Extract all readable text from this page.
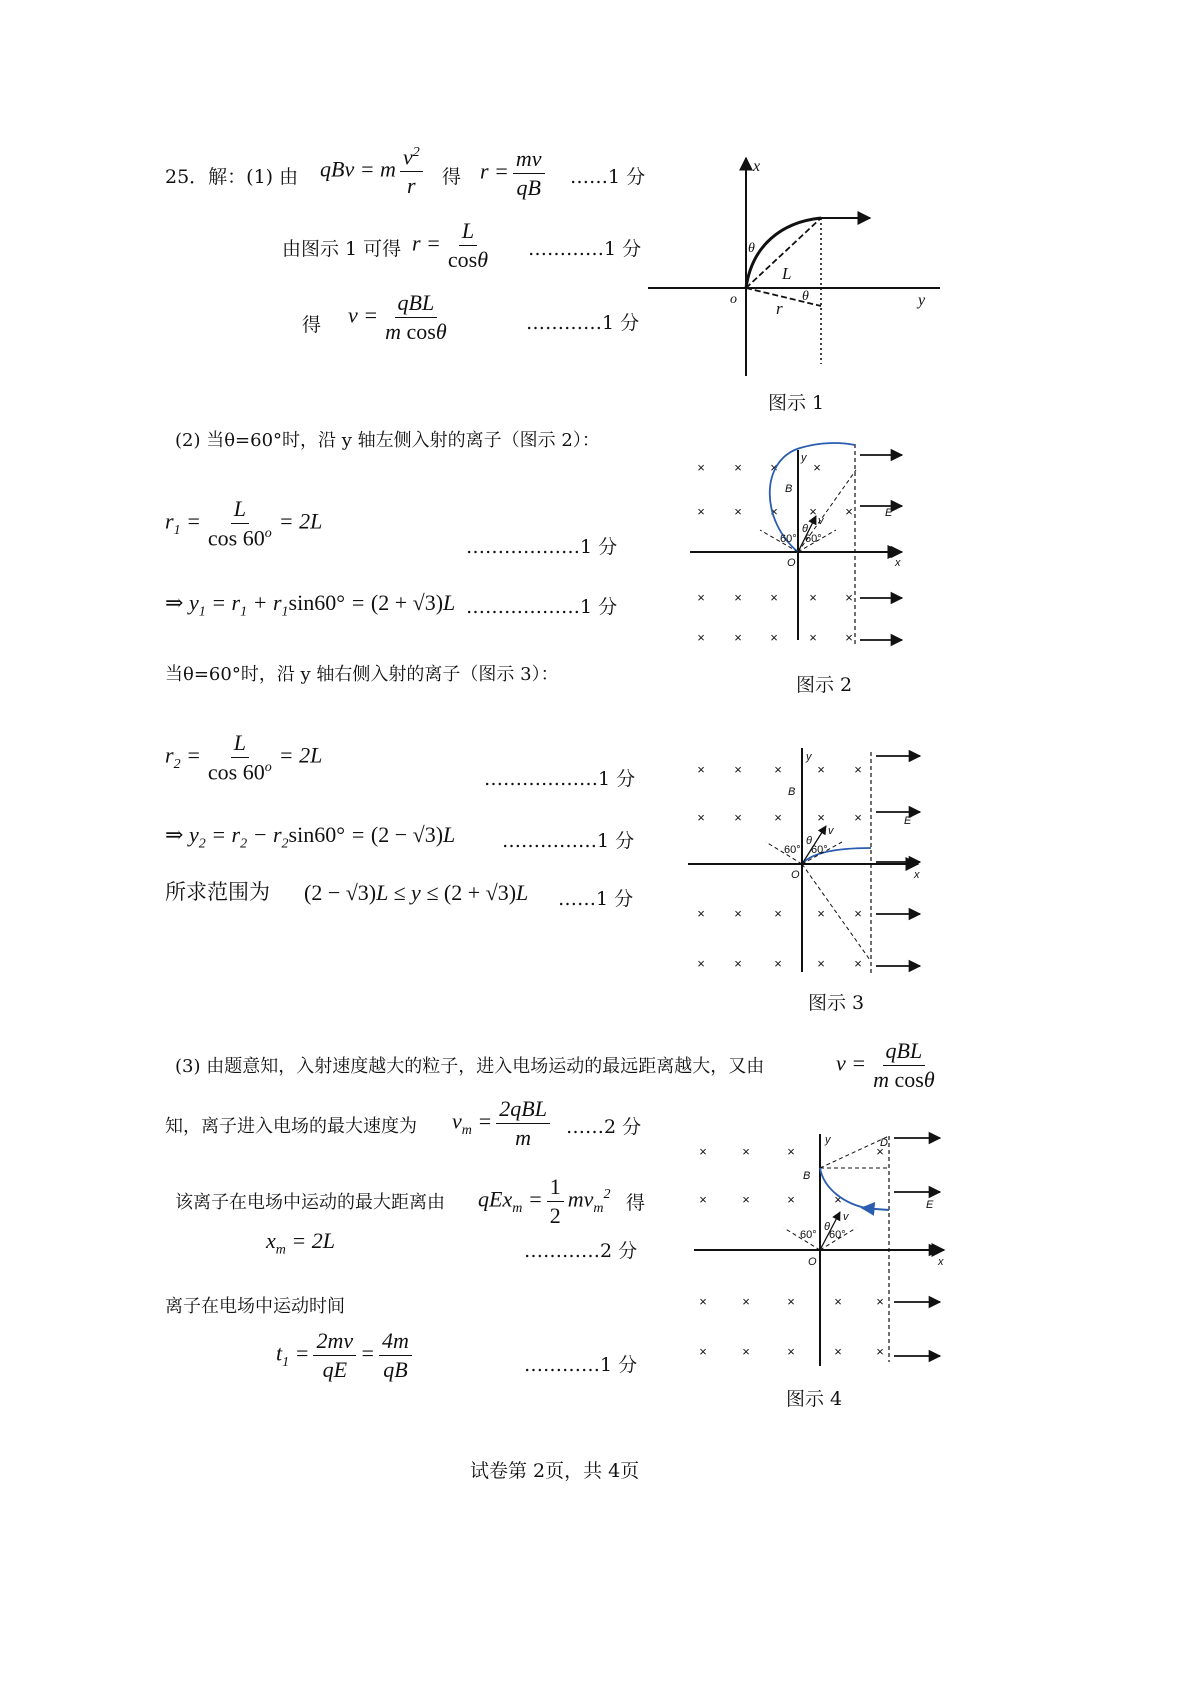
25．解：(1) 由 qBv = m $\frac{v^2}{r}$ 得 $r = \frac{mv}{qB}$ ……1 分
由图示 1 可得 $r = \frac{L}{\cos\theta}$ …………1 分
得 $v = \frac{\text{qBL}}{\text{m cosθ}}$	…………1 分
(2) 当θ=60°时，沿 y 轴左侧入射的离子（图示 2）：
$r_1 = \frac{L}{\cos 60^o} = 2L$
………………1 分
⇒ $y_1 = r_1 + r_1\sin 60^\circ = (2 + √3)L$ ………………1 分
当θ=60°时，沿 y 轴右侧入射的离子（图示 3）：
$r_2 = \frac{L}{\cos 60^o} = 2L$
………………1 分
⇒ $y_2 = r_2 - r_2\sin 60^\circ = (2 - √3)L$ ……………1 分
所求范围为 (2 − √3)L ≤ y ≤ (2 + √3)L ……1 分
(3) 由题意知，入射速度越大的粒子，进入电场运动的最远距离越大，又由	$v = \frac{\text{qBL}}{\text{m cosθ}}$
知，离子进入电场的最大速度为 $v_m = \frac{\text{2qBL}}{m}$ ……2 分
该离子在电场中运动的最大距离由 $qEx_m = \frac{1}{2} mv_m^2$ 得
$x_m = 2L$	…………2 分
离子在电场中运动时间
$t_1 = \frac{2mv}{qE} = \frac{4m}{qB}$	…………1 分
x
y
o
θ
L
θ
r
× × ×	×
× × × × ×
× × × × ×
× × × × ×
y
B
E
x
O
v
θ
60° 60°
× × ×	× ×
× × ×	× ×
× × ×	× ×
× × ×	× ×
y
B
E
x
O
v
θ
60° 60°
×	×	×	×
×	×	×	×
×	×	×	×	×
×	×	×	×	×
y
B
E
x
O
v
θ
60° 60°
D
图示 1
图示 2
图示 3
图示 4
试卷第 2页，共 4页
